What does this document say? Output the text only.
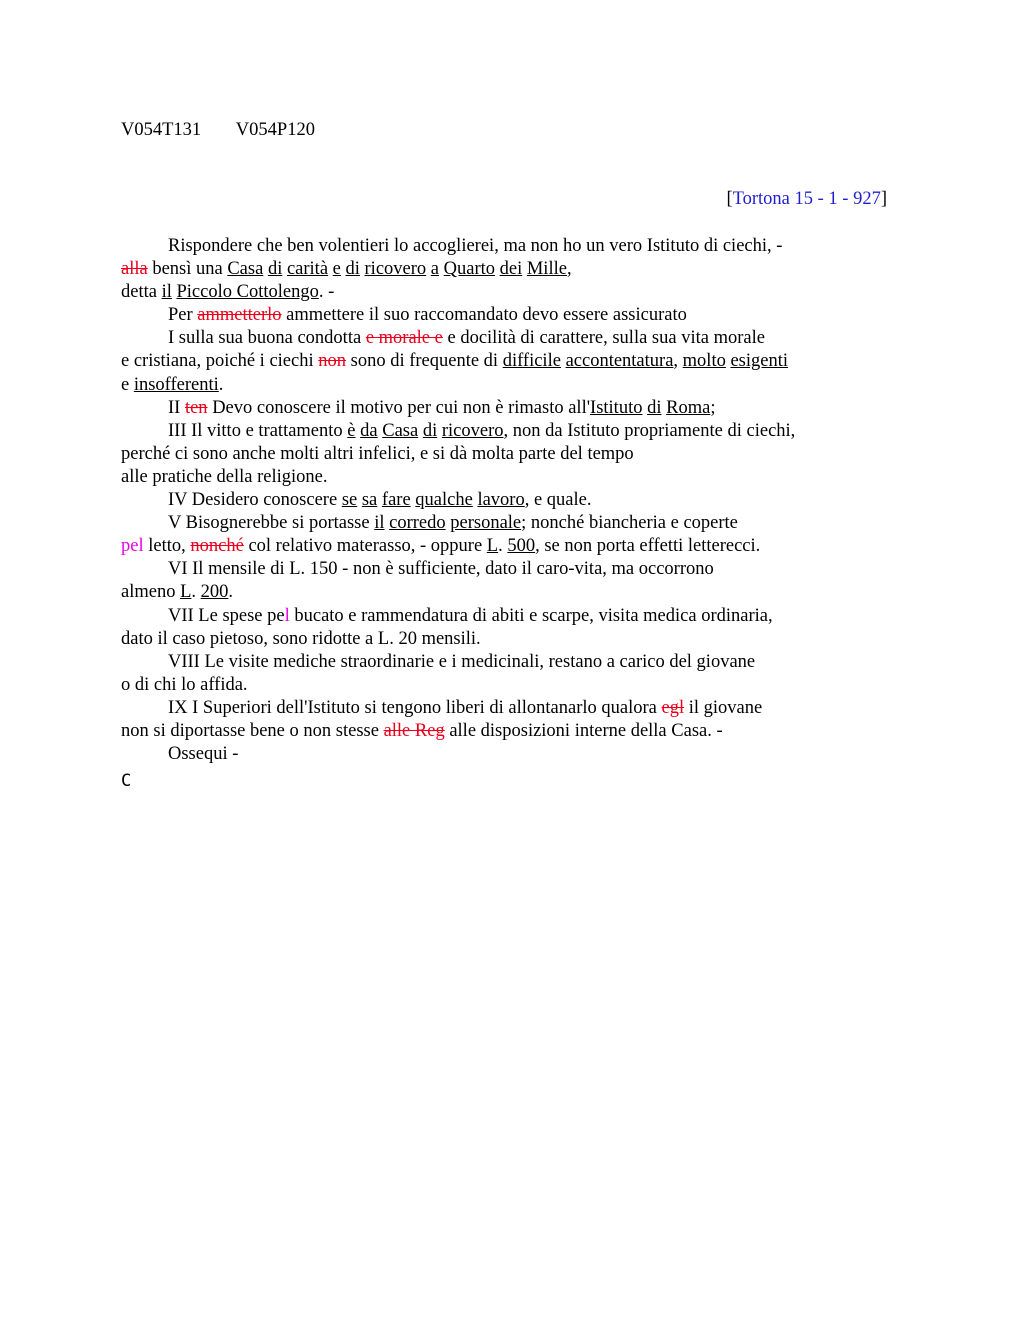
V054T131 V054P120
[Tortona 15 - 1 - 927]
Rispondere che ben volentieri lo accoglierei, ma non ho un vero Istituto di ciechi, -
alla bensì una Casa di carità e di ricovero a Quarto dei Mille,
detta il Piccolo Cottolengo. -
Per ammetterlo ammettere il suo raccomandato devo essere assicurato
I sulla sua buona condotta e morale e e docilità di carattere, sulla sua vita morale
e cristiana, poiché i ciechi non sono di frequente di difficile accontentatura, molto esigenti
e insofferenti.
II ten Devo conoscere il motivo per cui non è rimasto all'Istituto di Roma;
III Il vitto e trattamento è da Casa di ricovero, non da Istituto propriamente di ciechi,
perché ci sono anche molti altri infelici, e si dà molta parte del tempo
alle pratiche della religione.
IV Desidero conoscere se sa fare qualche lavoro, e quale.
V Bisognerebbe si portasse il corredo personale; nonché biancheria e coperte
pel letto, nonché col relativo materasso, - oppure L. 500, se non porta effetti letterecci.
VI Il mensile di L. 150 - non è sufficiente, dato il caro-vita, ma occorrono
almeno L. 200.
VII Le spese pel bucato e rammendatura di abiti e scarpe, visita medica ordinaria,
dato il caso pietoso, sono ridotte a L. 20 mensili.
VIII Le visite mediche straordinarie e i medicinali, restano a carico del giovane
o di chi lo affida.
IX I Superiori dell'Istituto si tengono liberi di allontanarlo qualora egl il giovane
non si diportasse bene o non stesse alle Reg alle disposizioni interne della Casa. -
Ossequi -
C
